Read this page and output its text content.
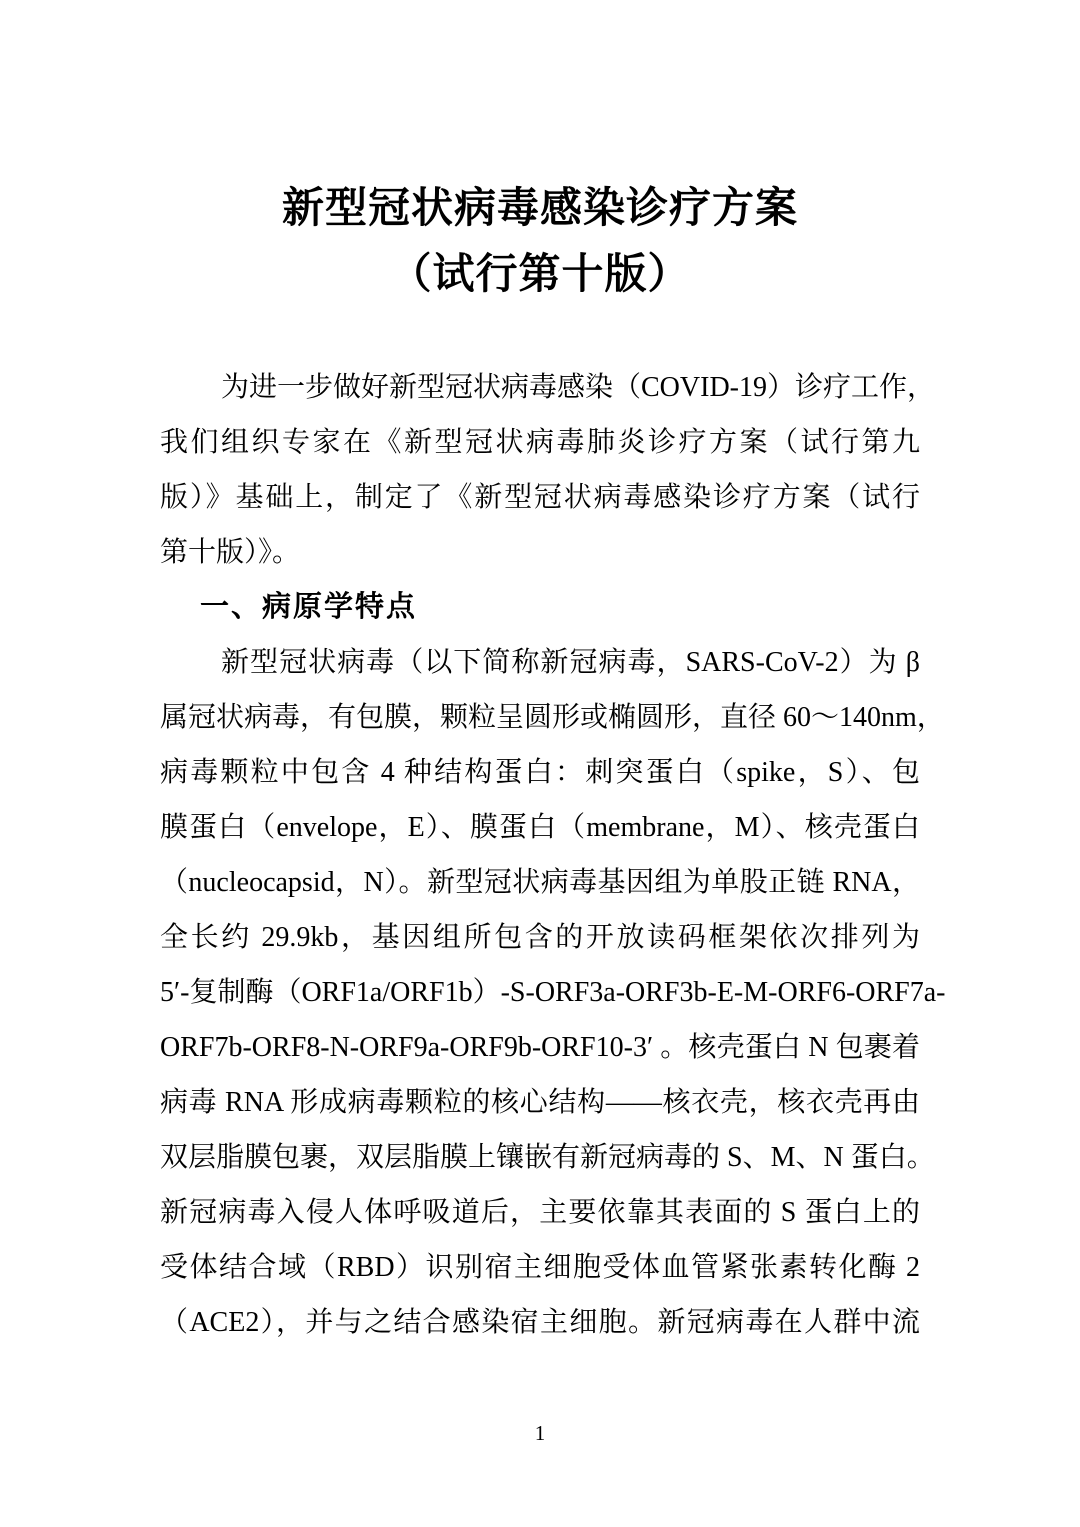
新型冠状病毒感染诊疗方案
（试行第十版）
为进一步做好新型冠状病毒感染（COVID-19）诊疗工作，
我们组织专家在《新型冠状病毒肺炎诊疗方案（试行第九
版）》基础上，制定了《新型冠状病毒感染诊疗方案（试行
第十版）》。
一、病原学特点
新型冠状病毒（以下简称新冠病毒，SARS-CoV-2）为 β
属冠状病毒，有包膜，颗粒呈圆形或椭圆形，直径 60～140nm，
病毒颗粒中包含 4 种结构蛋白：刺突蛋白（spike，S）、包
膜蛋白（envelope，E）、膜蛋白（membrane，M）、核壳蛋白
（nucleocapsid，N）。新型冠状病毒基因组为单股正链 RNA，
全长约 29.9kb，基因组所包含的开放读码框架依次排列为
5′-复制酶（ORF1a/ORF1b）-S-ORF3a-ORF3b-E-M-ORF6-ORF7a-
ORF7b-ORF8-N-ORF9a-ORF9b-ORF10-3′ 。核壳蛋白 N 包裹着
病毒 RNA 形成病毒颗粒的核心结构——核衣壳，核衣壳再由
双层脂膜包裹，双层脂膜上镶嵌有新冠病毒的 S、M、N 蛋白。
新冠病毒入侵人体呼吸道后，主要依靠其表面的 S 蛋白上的
受体结合域（RBD）识别宿主细胞受体血管紧张素转化酶 2
（ACE2），并与之结合感染宿主细胞。新冠病毒在人群中流
1
